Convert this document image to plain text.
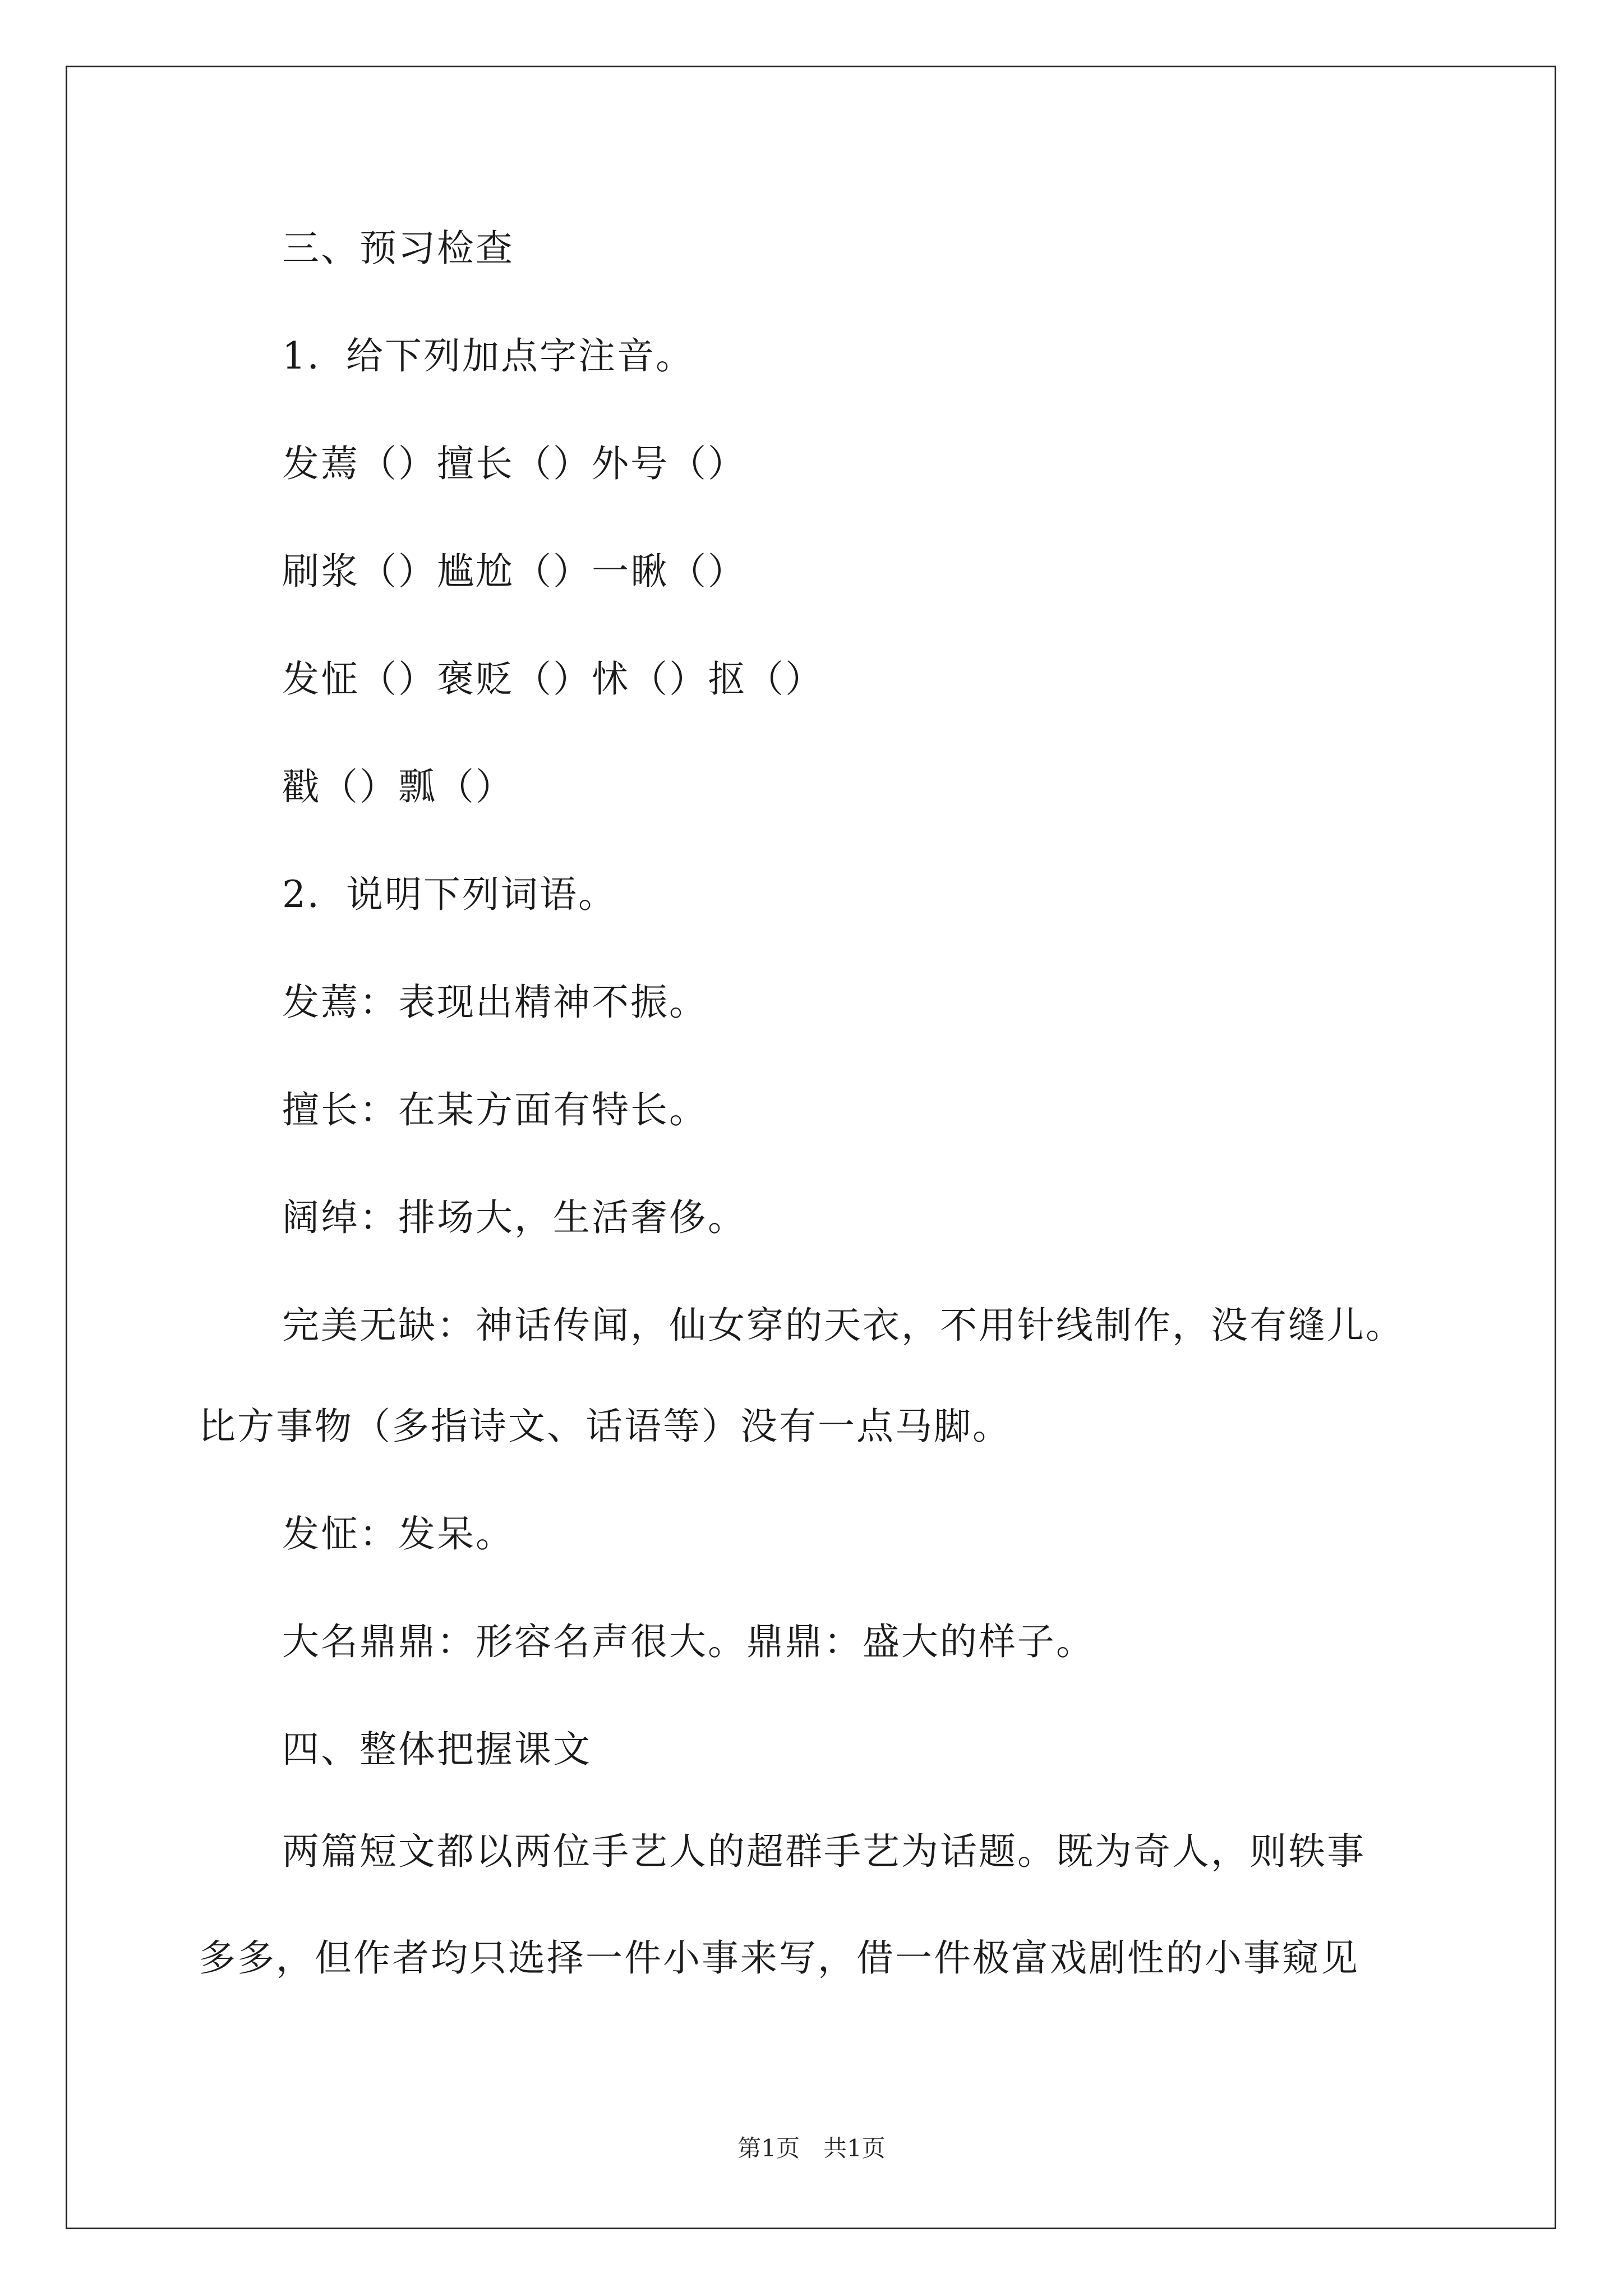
三、预习检查
1．给下列加点字注音。
发蔫（）擅长（）外号（）
刷浆（）尴尬（）一瞅（）
发怔（）褒贬（）怵（）抠（）
戳（）瓢（）
2．说明下列词语。
发蔫：表现出精神不振。
擅长：在某方面有特长。
阔绰：排场大，生活奢侈。
完美无缺：神话传闻，仙女穿的天衣，不用针线制作，没有缝儿。
比方事物（多指诗文、话语等）没有一点马脚。
发怔：发呆。
大名鼎鼎：形容名声很大。鼎鼎：盛大的样子。
四、整体把握课文
两篇短文都以两位手艺人的超群手艺为话题。既为奇人，则轶事
多多，但作者均只选择一件小事来写，借一件极富戏剧性的小事窥见
第1页　共1页
